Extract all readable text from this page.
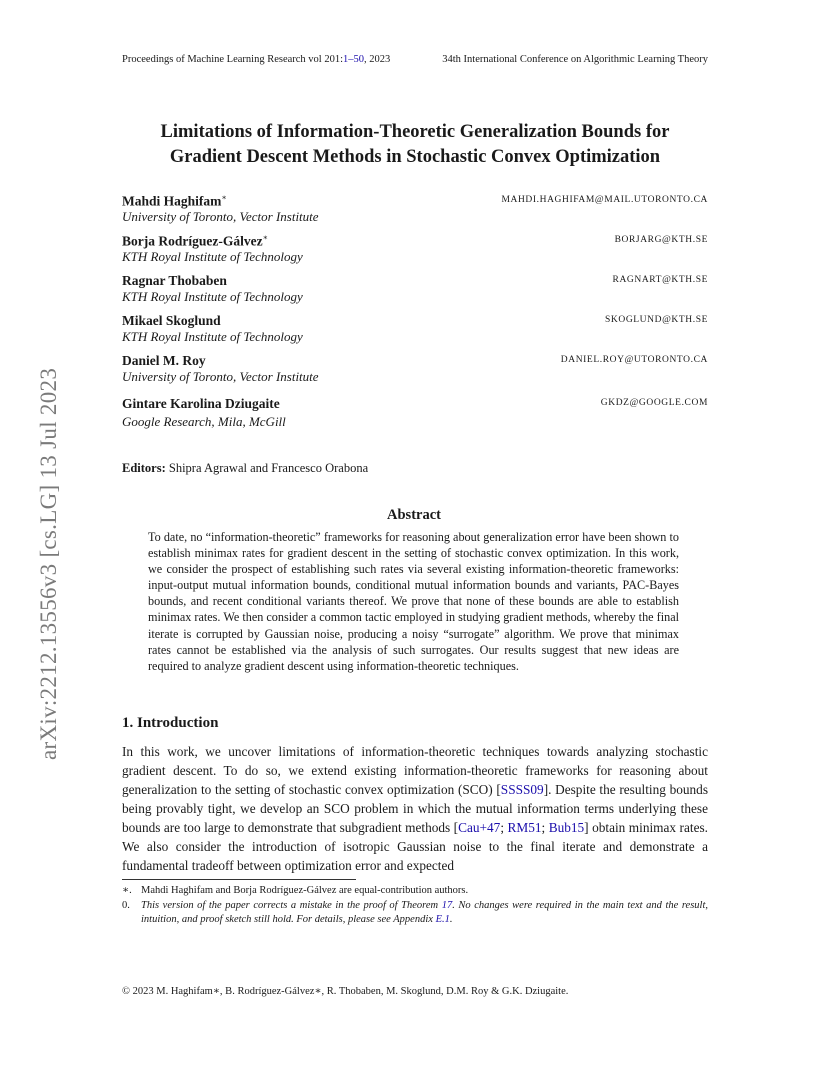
arXiv:2212.13556v3 [cs.LG] 13 Jul 2023
Proceedings of Machine Learning Research vol 201:1–50, 2023	34th International Conference on Algorithmic Learning Theory
Limitations of Information-Theoretic Generalization Bounds for
Gradient Descent Methods in Stochastic Convex Optimization
Mahdi Haghifam∗
University of Toronto, Vector Institute
MAHDI.HAGHIFAM@MAIL.UTORONTO.CA
Borja Rodríguez-Gálvez∗
KTH Royal Institute of Technology
BORJARG@KTH.SE
Ragnar Thobaben
KTH Royal Institute of Technology
RAGNART@KTH.SE
Mikael Skoglund
KTH Royal Institute of Technology
SKOGLUND@KTH.SE
Daniel M. Roy
University of Toronto, Vector Institute
DANIEL.ROY@UTORONTO.CA
Gintare Karolina Dziugaite
Google Research, Mila, McGill
GKDZ@GOOGLE.COM
Editors: Shipra Agrawal and Francesco Orabona
Abstract
To date, no “information-theoretic” frameworks for reasoning about generalization error have been shown to establish minimax rates for gradient descent in the setting of stochastic convex optimization. In this work, we consider the prospect of establishing such rates via several existing information-theoretic frameworks: input-output mutual information bounds, conditional mutual information bounds and variants, PAC-Bayes bounds, and recent conditional variants thereof. We prove that none of these bounds are able to establish minimax rates. We then consider a common tactic employed in studying gradient methods, whereby the final iterate is corrupted by Gaussian noise, producing a noisy “surrogate” algorithm. We prove that minimax rates cannot be established via the analysis of such surrogates. Our results suggest that new ideas are required to analyze gradient descent using information-theoretic techniques.
1. Introduction
In this work, we uncover limitations of information-theoretic techniques towards analyzing stochastic gradient descent. To do so, we extend existing information-theoretic frameworks for reasoning about generalization to the setting of stochastic convex optimization (SCO) [SSSS09]. Despite the resulting bounds being provably tight, we develop an SCO problem in which the mutual information terms underlying these bounds are too large to demonstrate that subgradient methods [Cau+47; RM51; Bub15] obtain minimax rates. We also consider the introduction of isotropic Gaussian noise to the final iterate and demonstrate a fundamental tradeoff between optimization error and expected
∗. Mahdi Haghifam and Borja Rodríguez-Gálvez are equal-contribution authors.
0. This version of the paper corrects a mistake in the proof of Theorem 17. No changes were required in the main text and the result, intuition, and proof sketch still hold. For details, please see Appendix E.1.
© 2023 M. Haghifam∗, B. Rodríguez-Gálvez∗, R. Thobaben, M. Skoglund, D.M. Roy & G.K. Dziugaite.
